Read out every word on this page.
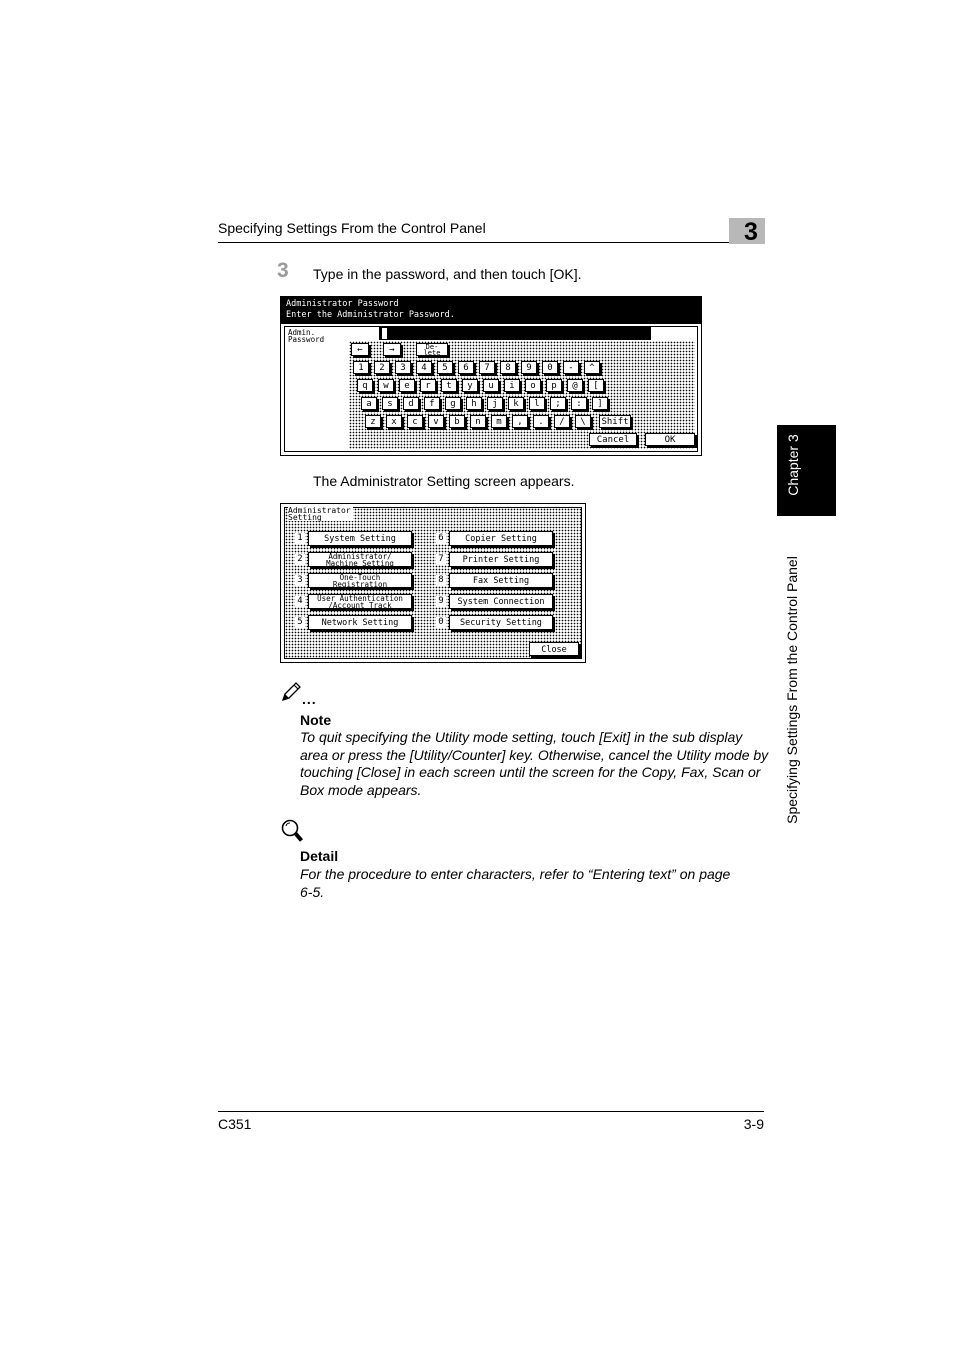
Specifying Settings From the Control Panel	3
Chapter 3
Specifying Settings From the Control Panel
3 Type in the password, and then touch [OK].
Administrator Password
Enter the Administrator Password.
Admin.
Password
←	→	De-
lete
1	2	3	4	5	6	7	8	9	0	-	^
q	w	e	r	t	y	u	i	o	p	@	[
a	s	d	f	g	h	j	k	l	;	:	]
z	x	c	v	b	n	m	,	.	/	\	Shift
Cancel	OK
The Administrator Setting screen appears.
Administrator
Setting
1	System Setting
2	Administrator/
Machine Setting
3	One-Touch
Registration
4	User Authentication
/Account Track
5	Network Setting
6	Copier Setting
7	Printer Setting
8	Fax Setting
9	System Connection
0	Security Setting
Close
...
Note
To quit specifying the Utility mode setting, touch [Exit] in the sub display area or press the [Utility/Counter] key. Otherwise, cancel the Utility mode by touching [Close] in each screen until the screen for the Copy, Fax, Scan or Box mode appears.
Detail
For the procedure to enter characters, refer to “Entering text” on page 6-5.
C351	3-9
